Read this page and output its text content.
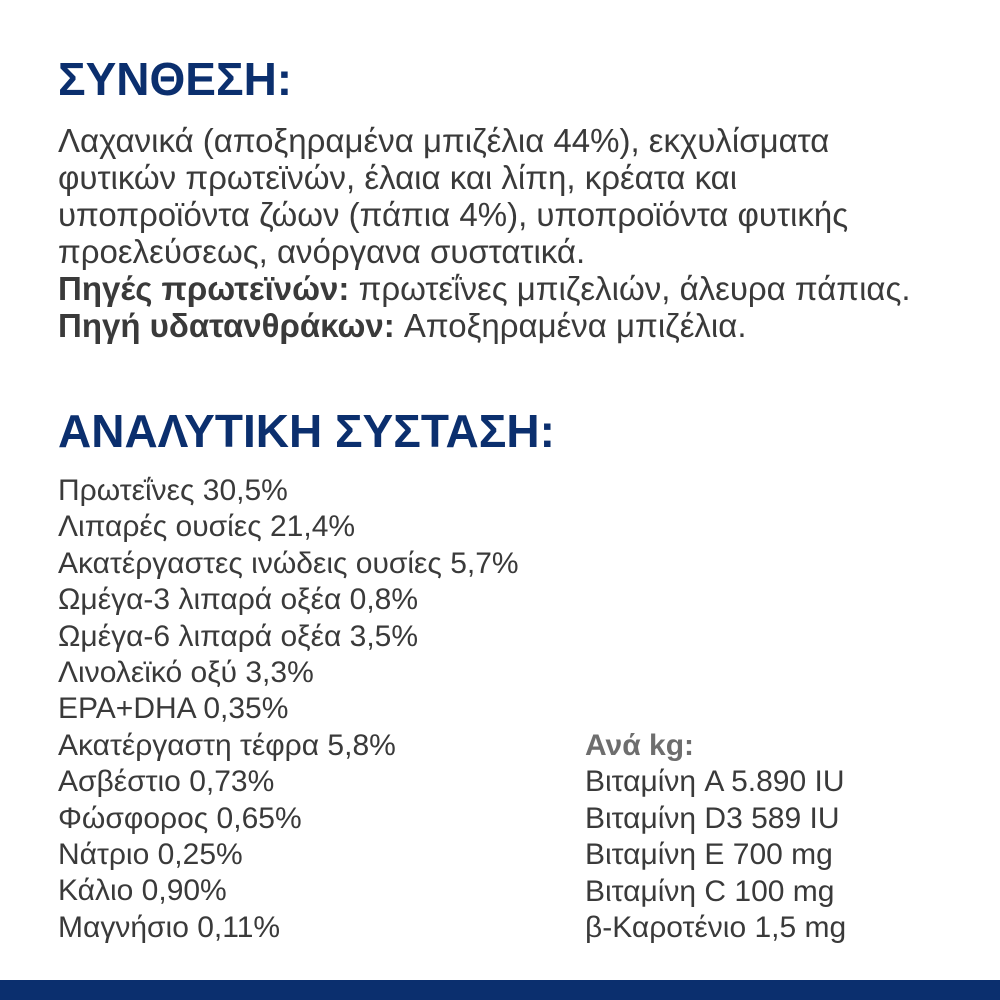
ΣΥΝΘΕΣΗ:
Λαχανικά (αποξηραμένα μπιζέλια 44%), εκχυλίσματα
φυτικών πρωτεϊνών, έλαια και λίπη, κρέατα και
υποπροϊόντα ζώων (πάπια 4%), υποπροϊόντα φυτικής
προελεύσεως, ανόργανα συστατικά.
Πηγές πρωτεϊνών: πρωτεΐνες μπιζελιών, άλευρα πάπιας.
Πηγή υδατανθράκων: Αποξηραμένα μπιζέλια.
ΑΝΑΛΥΤΙΚΗ ΣΥΣΤΑΣΗ:
Πρωτεΐνες 30,5%
Λιπαρές ουσίες 21,4%
Ακατέργαστες ινώδεις ουσίες 5,7%
Ωμέγα-3 λιπαρά οξέα 0,8%
Ωμέγα-6 λιπαρά οξέα 3,5%
Λινολεϊκό οξύ 3,3%
EPA+DHA 0,35%
Ακατέργαστη τέφρα 5,8%
Ασβέστιο 0,73%
Φώσφορος 0,65%
Νάτριο 0,25%
Κάλιο 0,90%
Μαγνήσιο 0,11%
Ανά kg:
Βιταμίνη A 5.890 IU
Βιταμίνη D3 589 IU
Βιταμίνη E 700 mg
Βιταμίνη C 100 mg
β-Καροτένιο 1,5 mg
